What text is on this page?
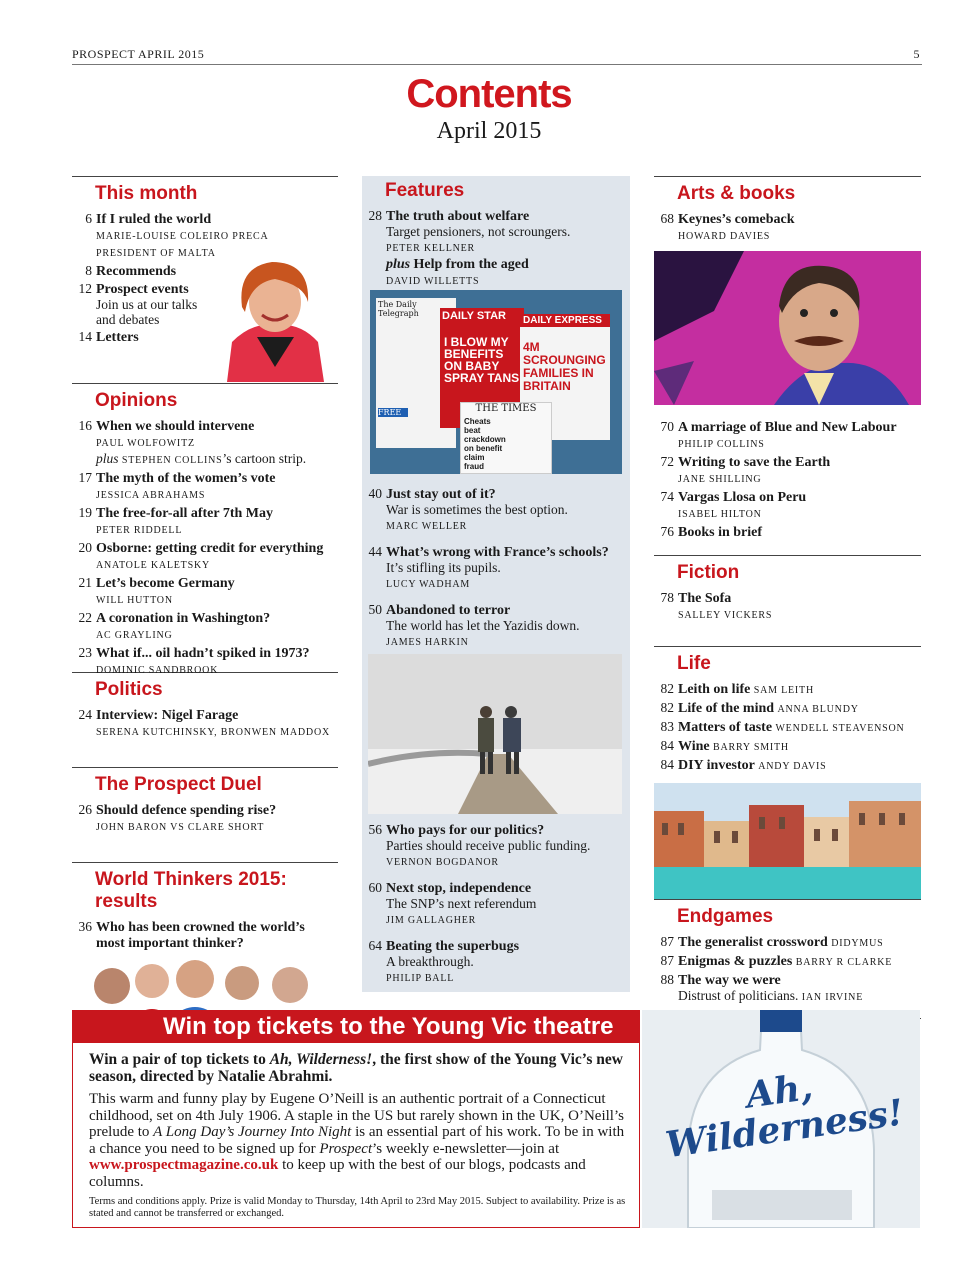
PROSPECT APRIL 2015	5
Contents
April 2015
This month
6 If I ruled the world
MARIE-LOUISE COLEIRO PRECA
PRESIDENT OF MALTA
8 Recommends
12 Prospect events
Join us at our talks and debates
14 Letters
Opinions
16 When we should intervene
PAUL WOLFOWITZ
plus STEPHEN COLLINS’s cartoon strip.
17 The myth of the women’s vote
JESSICA ABRAHAMS
19 The free-for-all after 7th May
PETER RIDDELL
20 Osborne: getting credit for everything
ANATOLE KALETSKY
21 Let’s become Germany
WILL HUTTON
22 A coronation in Washington?
AC GRAYLING
23 What if... oil hadn’t spiked in 1973?
DOMINIC SANDBROOK
Politics
24 Interview: Nigel Farage
SERENA KUTCHINSKY, BRONWEN MADDOX
The Prospect Duel
26 Should defence spending rise?
JOHN BARON VS CLARE SHORT
World Thinkers 2015: results
36 Who has been crowned the world’s most important thinker?
Features
28 The truth about welfare
Target pensioners, not scroungers.
PETER KELLNER
plus Help from the aged
DAVID WILLETTS
The Daily Telegraph
FREE
DAILY STAR
I BLOW MY BENEFITS ON BABY SPRAY TANS
DAILY EXPRESS
4M SCROUNGING FAMILIES IN BRITAIN
THE TIMES
Cheats beat crackdown on benefit claim fraud
40 Just stay out of it?
War is sometimes the best option.
MARC WELLER
44 What’s wrong with France’s schools?
It’s stifling its pupils.
LUCY WADHAM
50 Abandoned to terror
The world has let the Yazidis down.
JAMES HARKIN
56 Who pays for our politics?
Parties should receive public funding.
VERNON BOGDANOR
60 Next stop, independence
The SNP’s next referendum
JIM GALLAGHER
64 Beating the superbugs
A breakthrough.
PHILIP BALL
Arts & books
68 Keynes’s comeback
HOWARD DAVIES
70 A marriage of Blue and New Labour
PHILIP COLLINS
72 Writing to save the Earth
JANE SHILLING
74 Vargas Llosa on Peru
ISABEL HILTON
76 Books in brief
Fiction
78 The Sofa
SALLEY VICKERS
Life
82 Leith on life SAM LEITH
82 Life of the mind ANNA BLUNDY
83 Matters of taste WENDELL STEAVENSON
84 Wine BARRY SMITH
84 DIY investor ANDY DAVIS
Endgames
87 The generalist crossword DIDYMUS
87 Enigmas & puzzles BARRY R CLARKE
88 The way we were
Distrust of politicians. IAN IRVINE
Win top tickets to the Young Vic theatre
Win a pair of top tickets to Ah, Wilderness!, the first show of the Young Vic’s new season, directed by Natalie Abrahmi.
This warm and funny play by Eugene O’Neill is an authentic portrait of a Connecticut childhood, set on 4th July 1906. A staple in the US but rarely shown in the UK, O’Neill’s prelude to A Long Day’s Journey Into Night is an essential part of his work. To be in with a chance you need to be signed up for Prospect’s weekly e-newsletter—join at www.prospectmagazine.co.uk to keep up with the best of our blogs, podcasts and columns.
Terms and conditions apply. Prize is valid Monday to Thursday, 14th April to 23rd May 2015. Subject to availability. Prize is as stated and cannot be transferred or exchanged.
Ah, Wilderness!
